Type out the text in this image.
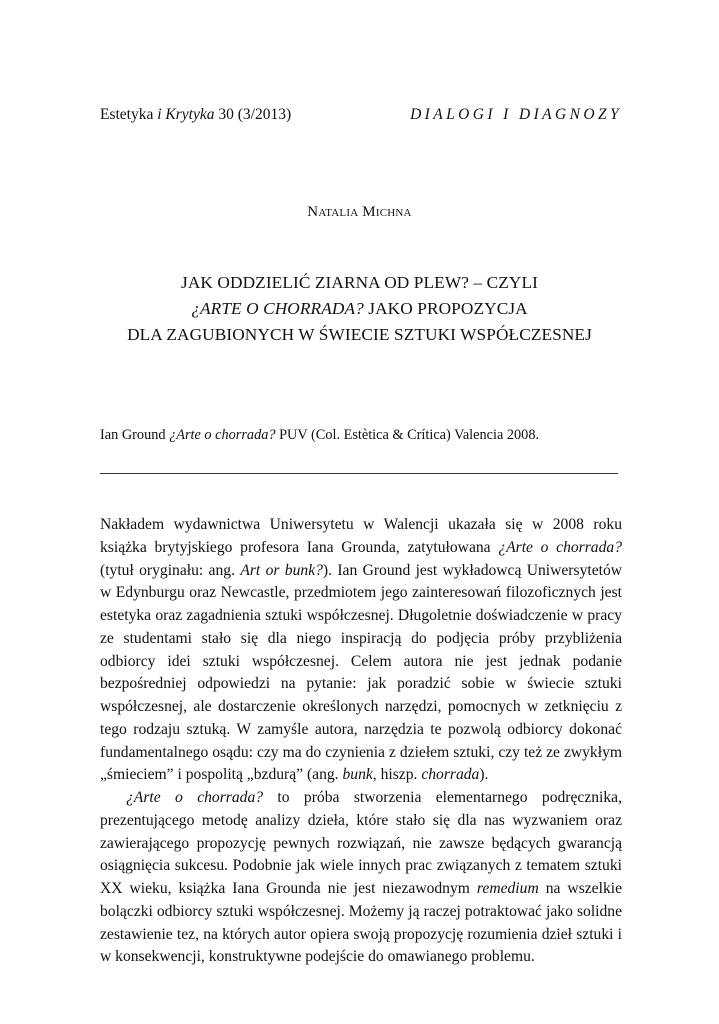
Estetyka i Krytyka 30 (3/2013)	DIALOGI I DIAGNOZY
Natalia Michna
JAK ODDZIELIĆ ZIARNA OD PLEW? – CZYLI
¿ARTE O CHORRADA? JAKO PROPOZYCJA
DLA ZAGUBIONYCH W ŚWIECIE SZTUKI WSPÓŁCZESNEJ
Ian Ground ¿Arte o chorrada? PUV (Col. Estètica & Crítica) Valencia 2008.

Nakładem wydawnictwa Uniwersytetu w Walencji ukazała się w 2008 roku książka brytyjskiego profesora Iana Grounda, zatytułowana ¿Arte o chorrada? (tytuł oryginału: ang. Art or bunk?). Ian Ground jest wykładowcą Uniwersytetów w Edynburgu oraz Newcastle, przedmiotem jego zainteresowań filozoficznych jest estetyka oraz zagadnienia sztuki współczesnej. Długoletnie doświadczenie w pracy ze studentami stało się dla niego inspiracją do podjęcia próby przybliżenia odbiorcy idei sztuki współczesnej. Celem autora nie jest jednak podanie bezpośredniej odpowiedzi na pytanie: jak poradzić sobie w świecie sztuki współczesnej, ale dostarczenie określonych narzędzi, pomocnych w zetknięciu z tego rodzaju sztuką. W zamyśle autora, narzędzia te pozwolą odbiorcy dokonać fundamentalnego osądu: czy ma do czynienia z dziełem sztuki, czy też ze zwykłym „śmieciem” i pospolitą „bzdurą” (ang. bunk, hiszp. chorrada).

¿Arte o chorrada? to próba stworzenia elementarnego podręcznika, prezentującego metodę analizy dzieła, które stało się dla nas wyzwaniem oraz zawierającego propozycję pewnych rozwiązań, nie zawsze będących gwarancją osiągnięcia sukcesu. Podobnie jak wiele innych prac związanych z tematem sztuki XX wieku, książka Iana Grounda nie jest niezawodnym remedium na wszelkie bolączki odbiorcy sztuki współczesnej. Możemy ją raczej potraktować jako solidne zestawienie tez, na których autor opiera swoją propozycję rozumienia dzieł sztuki i w konsekwencji, konstruktywne podejście do omawianego problemu.
